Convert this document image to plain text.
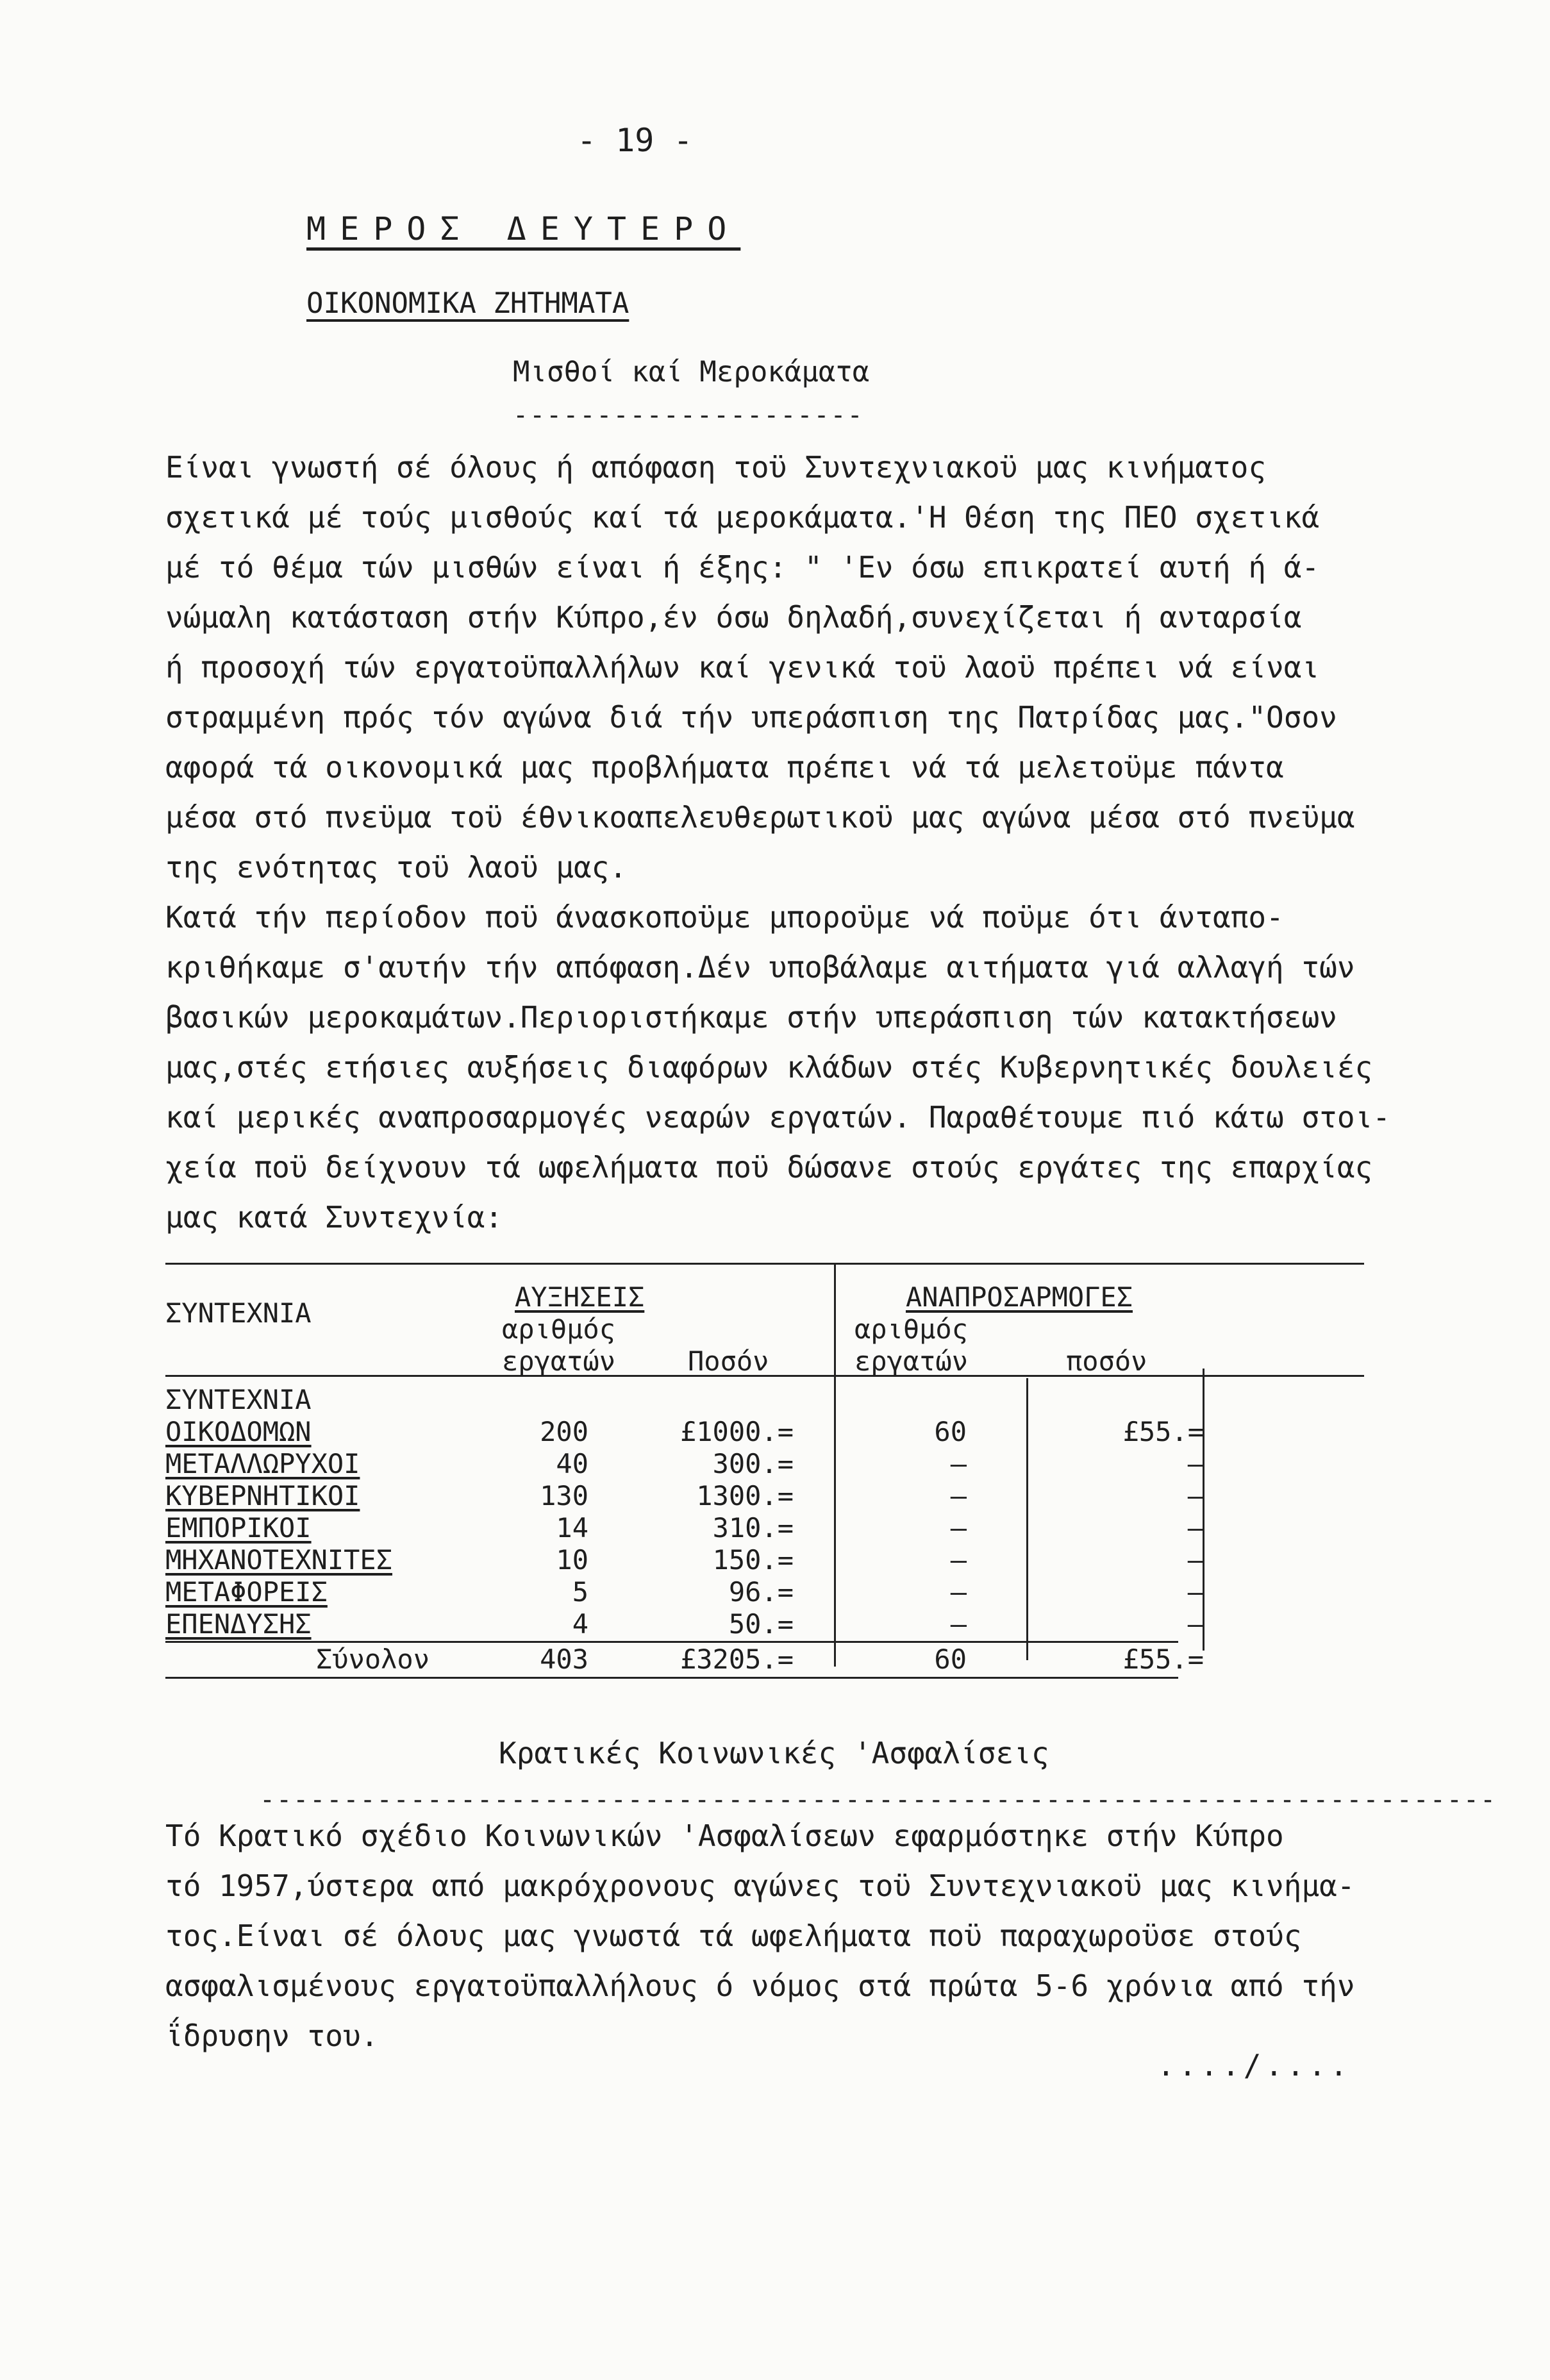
- 19 -
ΜΕΡΟΣ ΔΕΥΤΕΡΟ
ΟΙΚΟΝΟΜΙΚΑ ΖΗΤΗΜΑΤΑ
Μισθοί καί Μεροκάματα
---------------------
Είναι γνωστή σέ όλους ή απόφαση τοϋ Συντεχνιακοϋ μας κινήματος
σχετικά μέ τούς μισθούς καί τά μεροκάματα.'Η Θέση της ΠΕΟ σχετικά
μέ τό θέμα τών μισθών είναι ή έξης: " 'Εν όσω επικρατεί αυτή ή ά-
νώμαλη κατάσταση στήν Κύπρο,έν όσω δηλαδή,συνεχίζεται ή ανταρσία
ή προσοχή τών εργατοϋπαλλήλων καί γενικά τοϋ λαοϋ πρέπει νά είναι
στραμμένη πρός τόν αγώνα διά τήν υπεράσπιση της Πατρίδας μας."Οσον
αφορά τά οικονομικά μας προβλήματα πρέπει νά τά μελετοϋμε πάντα
μέσα στό πνεϋμα τοϋ έθνικοαπελευθερωτικοϋ μας αγώνα μέσα στό πνεϋμα
της ενότητας τοϋ λαοϋ μας.
Κατά τήν περίοδον ποϋ άνασκοποϋμε μποροϋμε νά ποϋμε ότι άνταπο-
κριθήκαμε σ'αυτήν τήν απόφαση.Δέν υποβάλαμε αιτήματα γιά αλλαγή τών
βασικών μεροκαμάτων.Περιοριστήκαμε στήν υπεράσπιση τών κατακτήσεων
μας,στές ετήσιες αυξήσεις διαφόρων κλάδων στές Κυβερνητικές δουλειές
καί μερικές αναπροσαρμογές νεαρών εργατών. Παραθέτουμε πιό κάτω στοι-
χεία ποϋ δείχνουν τά ωφελήματα ποϋ δώσανε στούς εργάτες της επαρχίας
μας κατά Συντεχνία:
ΣΥΝΤΕΧΝΙΑ
ΑΥΞΗΣΕΙΣ	ΑΝΑΠΡΟΣΑΡΜΟΓΕΣ
αριθμός
εργατών	Ποσόν
αριθμός
εργατών	ποσόν
ΣΥΝΤΕΧΝΙΑ
ΟΙΚΟΔΟΜΩΝ	200	£1000.=	60	£55.=
ΜΕΤΑΛΛΩΡΥΧΟΙ	40	300.=	—	—
ΚΥΒΕΡΝΗΤΙΚΟΙ	130	1300.=	—	—
ΕΜΠΟΡΙΚΟΙ	14	310.=	—	—
ΜΗΧΑΝΟΤΕΧΝΙΤΕΣ	10	150.=	—	—
ΜΕΤΑΦΟΡΕΙΣ	5	96.=	—	—
ΕΠΕΝΔΥΣΗΣ	4	50.=	—	—
Σύνολον	403	£3205.=	60	£55.=
Κρατικές Κοινωνικές 'Ασφαλίσεις
--------------------------------------------------------------------------
Τό Κρατικό σχέδιο Κοινωνικών 'Ασφαλίσεων εφαρμόστηκε στήν Κύπρο
τό 1957,ύστερα από μακρόχρονους αγώνες τοϋ Συντεχνιακοϋ μας κινήμα-
τος.Είναι σέ όλους μας γνωστά τά ωφελήματα ποϋ παραχωροϋσε στούς
ασφαλισμένους εργατοϋπαλλήλους ό νόμος στά πρώτα 5-6 χρόνια από τήν
ΐδρυσην του.
..../....
